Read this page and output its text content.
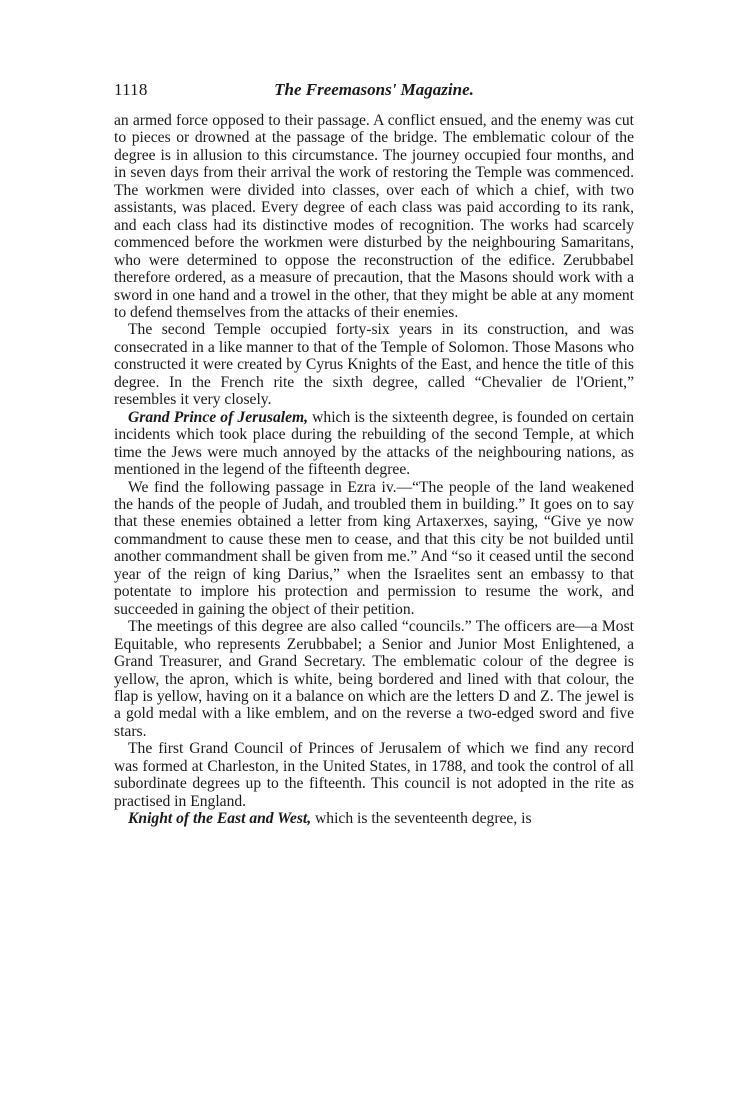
1118	The Freemasons' Magazine.

an armed force opposed to their passage. A conflict ensued, and the enemy was cut to pieces or drowned at the passage of the bridge. The emblematic colour of the degree is in allusion to this circumstance. The journey occupied four months, and in seven days from their arrival the work of restoring the Temple was commenced. The workmen were divided into classes, over each of which a chief, with two assistants, was placed. Every degree of each class was paid according to its rank, and each class had its distinctive modes of recognition. The works had scarcely commenced before the workmen were disturbed by the neighbouring Samaritans, who were determined to oppose the reconstruction of the edifice. Zerubbabel therefore ordered, as a measure of precaution, that the Masons should work with a sword in one hand and a trowel in the other, that they might be able at any moment to defend themselves from the attacks of their enemies.

The second Temple occupied forty-six years in its construction, and was consecrated in a like manner to that of the Temple of Solomon. Those Masons who constructed it were created by Cyrus Knights of the East, and hence the title of this degree. In the French rite the sixth degree, called “Chevalier de l'Orient,” resembles it very closely.

Grand Prince of Jerusalem, which is the sixteenth degree, is founded on certain incidents which took place during the rebuilding of the second Temple, at which time the Jews were much annoyed by the attacks of the neighbouring nations, as mentioned in the legend of the fifteenth degree.

We find the following passage in Ezra iv.—“The people of the land weakened the hands of the people of Judah, and troubled them in building.” It goes on to say that these enemies obtained a letter from king Artaxerxes, saying, “Give ye now commandment to cause these men to cease, and that this city be not builded until another commandment shall be given from me.” And “so it ceased until the second year of the reign of king Darius,” when the Israelites sent an embassy to that potentate to implore his protection and permission to resume the work, and succeeded in gaining the object of their petition.

The meetings of this degree are also called “councils.” The officers are—a Most Equitable, who represents Zerubbabel; a Senior and Junior Most Enlightened, a Grand Treasurer, and Grand Secretary. The emblematic colour of the degree is yellow, the apron, which is white, being bordered and lined with that colour, the flap is yellow, having on it a balance on which are the letters D and Z. The jewel is a gold medal with a like emblem, and on the reverse a two-edged sword and five stars.

The first Grand Council of Princes of Jerusalem of which we find any record was formed at Charleston, in the United States, in 1788, and took the control of all subordinate degrees up to the fifteenth. This council is not adopted in the rite as practised in England.

Knight of the East and West, which is the seventeenth degree, is
